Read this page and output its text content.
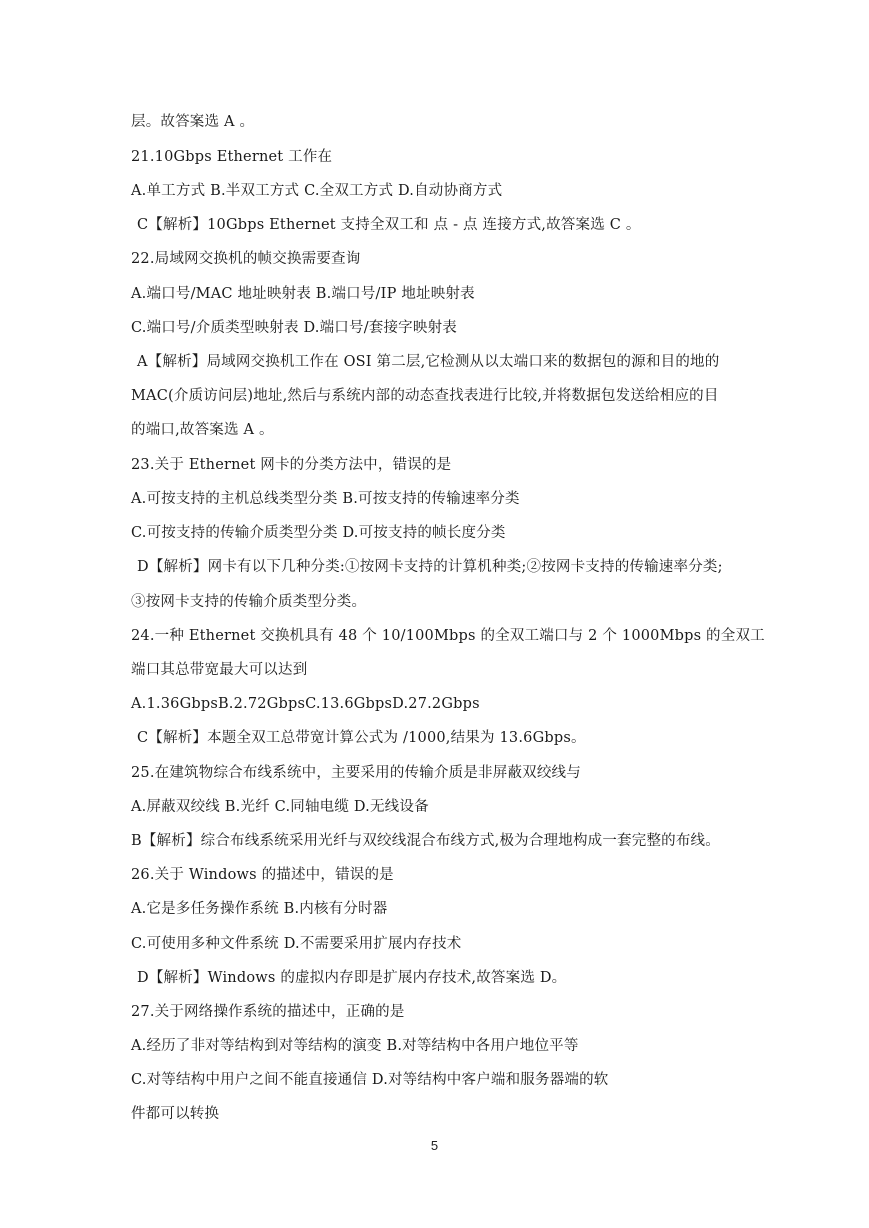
层。故答案选 A 。
21.10Gbps Ethernet 工作在
A.单工方式 B.半双工方式 C.全双工方式 D.自动协商方式
C【解析】10Gbps Ethernet 支持全双工和 点 - 点 连接方式,故答案选 C 。
22.局域网交换机的帧交换需要查询
A.端口号/MAC 地址映射表 B.端口号/IP 地址映射表
C.端口号/介质类型映射表 D.端口号/套接字映射表
A【解析】局域网交换机工作在 OSI 第二层,它检测从以太端口来的数据包的源和目的地的
MAC(介质访问层)地址,然后与系统内部的动态查找表进行比较,并将数据包发送给相应的目
的端口,故答案选 A 。
23.关于 Ethernet 网卡的分类方法中，错误的是
A.可按支持的主机总线类型分类 B.可按支持的传输速率分类
C.可按支持的传输介质类型分类 D.可按支持的帧长度分类
D【解析】网卡有以下几种分类:①按网卡支持的计算机种类;②按网卡支持的传输速率分类;
③按网卡支持的传输介质类型分类。
24.一种 Ethernet 交换机具有 48 个 10/100Mbps 的全双工端口与 2 个 1000Mbps 的全双工
端口其总带宽最大可以达到
A.1.36GbpsB.2.72GbpsC.13.6GbpsD.27.2Gbps
C【解析】本题全双工总带宽计算公式为 /1000,结果为 13.6Gbps。
25.在建筑物综合布线系统中，主要采用的传输介质是非屏蔽双绞线与
A.屏蔽双绞线 B.光纤 C.同轴电缆 D.无线设备
B【解析】综合布线系统采用光纤与双绞线混合布线方式,极为合理地构成一套完整的布线。
26.关于 Windows 的描述中，错误的是
A.它是多任务操作系统 B.内核有分时器
C.可使用多种文件系统 D.不需要采用扩展内存技术
D【解析】Windows 的虚拟内存即是扩展内存技术,故答案选 D。
27.关于网络操作系统的描述中，正确的是
A.经历了非对等结构到对等结构的演变 B.对等结构中各用户地位平等
C.对等结构中用户之间不能直接通信 D.对等结构中客户端和服务器端的软
件都可以转换
5
